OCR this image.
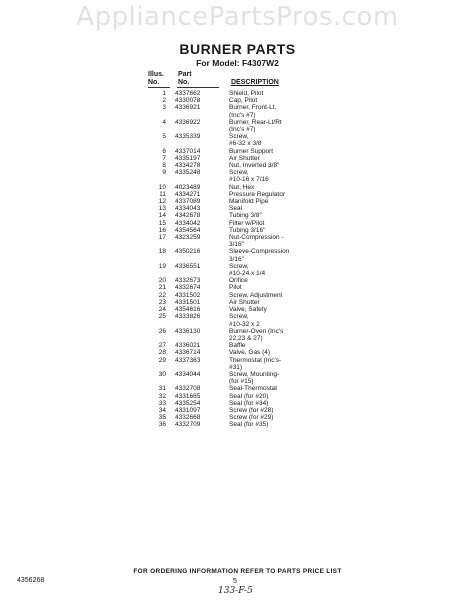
AppliancePartsPros.com
BURNER PARTS
For Model: F4307W2
Illus.
No.
Part
No.	DESCRIPTION
1	4337662	Shield, Pilot
2	4330078	Cap, Pilot
3	4336921	Burner, Front-Lt.
(Inc's #7)
4	4336922	Burner, Rear-Lt/Rt
(Inc's #7)
5	4335339	Screw,
#6-32 x 3/8
6	4337014	Burner Support
7	4335197	Air Shutter
8	4334278	Nut, Inverted 3/8"
9	4335248	Screw,
#10-16 x 7/16
10	4023489	Nut, Hex
11	4334271	Pressure Regulator
12	4337089	Manifold Pipe
13	4334043	Seal
14	4342678	Tubing 3/8"
15	4334042	Filter w/Pilot
16	4354564	Tubing 3/16"
17	4323259	Nut-Compression -
3/16"
18	4350216	Sleeve-Compression
3/16"
19	4336551	Screw,
#10-24 x 1/4
20	4332673	Orifice
21	4332674	Pilot
22	4331502	Screw, Adjustment
23	4331501	Air Shutter
24	4354616	Valve, Safety
25	4333826	Screw,
#10-32 x 2
26	4336130	Burner-Oven (Inc's
22,23 & 27)
27	4336021	Baffle
28	4336714	Valve, Gas (4)
29	4337363	Thermostat (Inc's-
#31)
30	4334044	Screw, Mounting-
(for #15)
31	4332708	Seal-Thermostat
32	4331665	Seal (for #20)
33	4335254	Seal (for #34)
34	4331097	Screw (for #28)
35	4332668	Screw (for #29)
36	4332709	Seal (for #35)
FOR ORDERING INFORMATION REFER TO PARTS PRICE LIST
4356268	5
133-F-5
